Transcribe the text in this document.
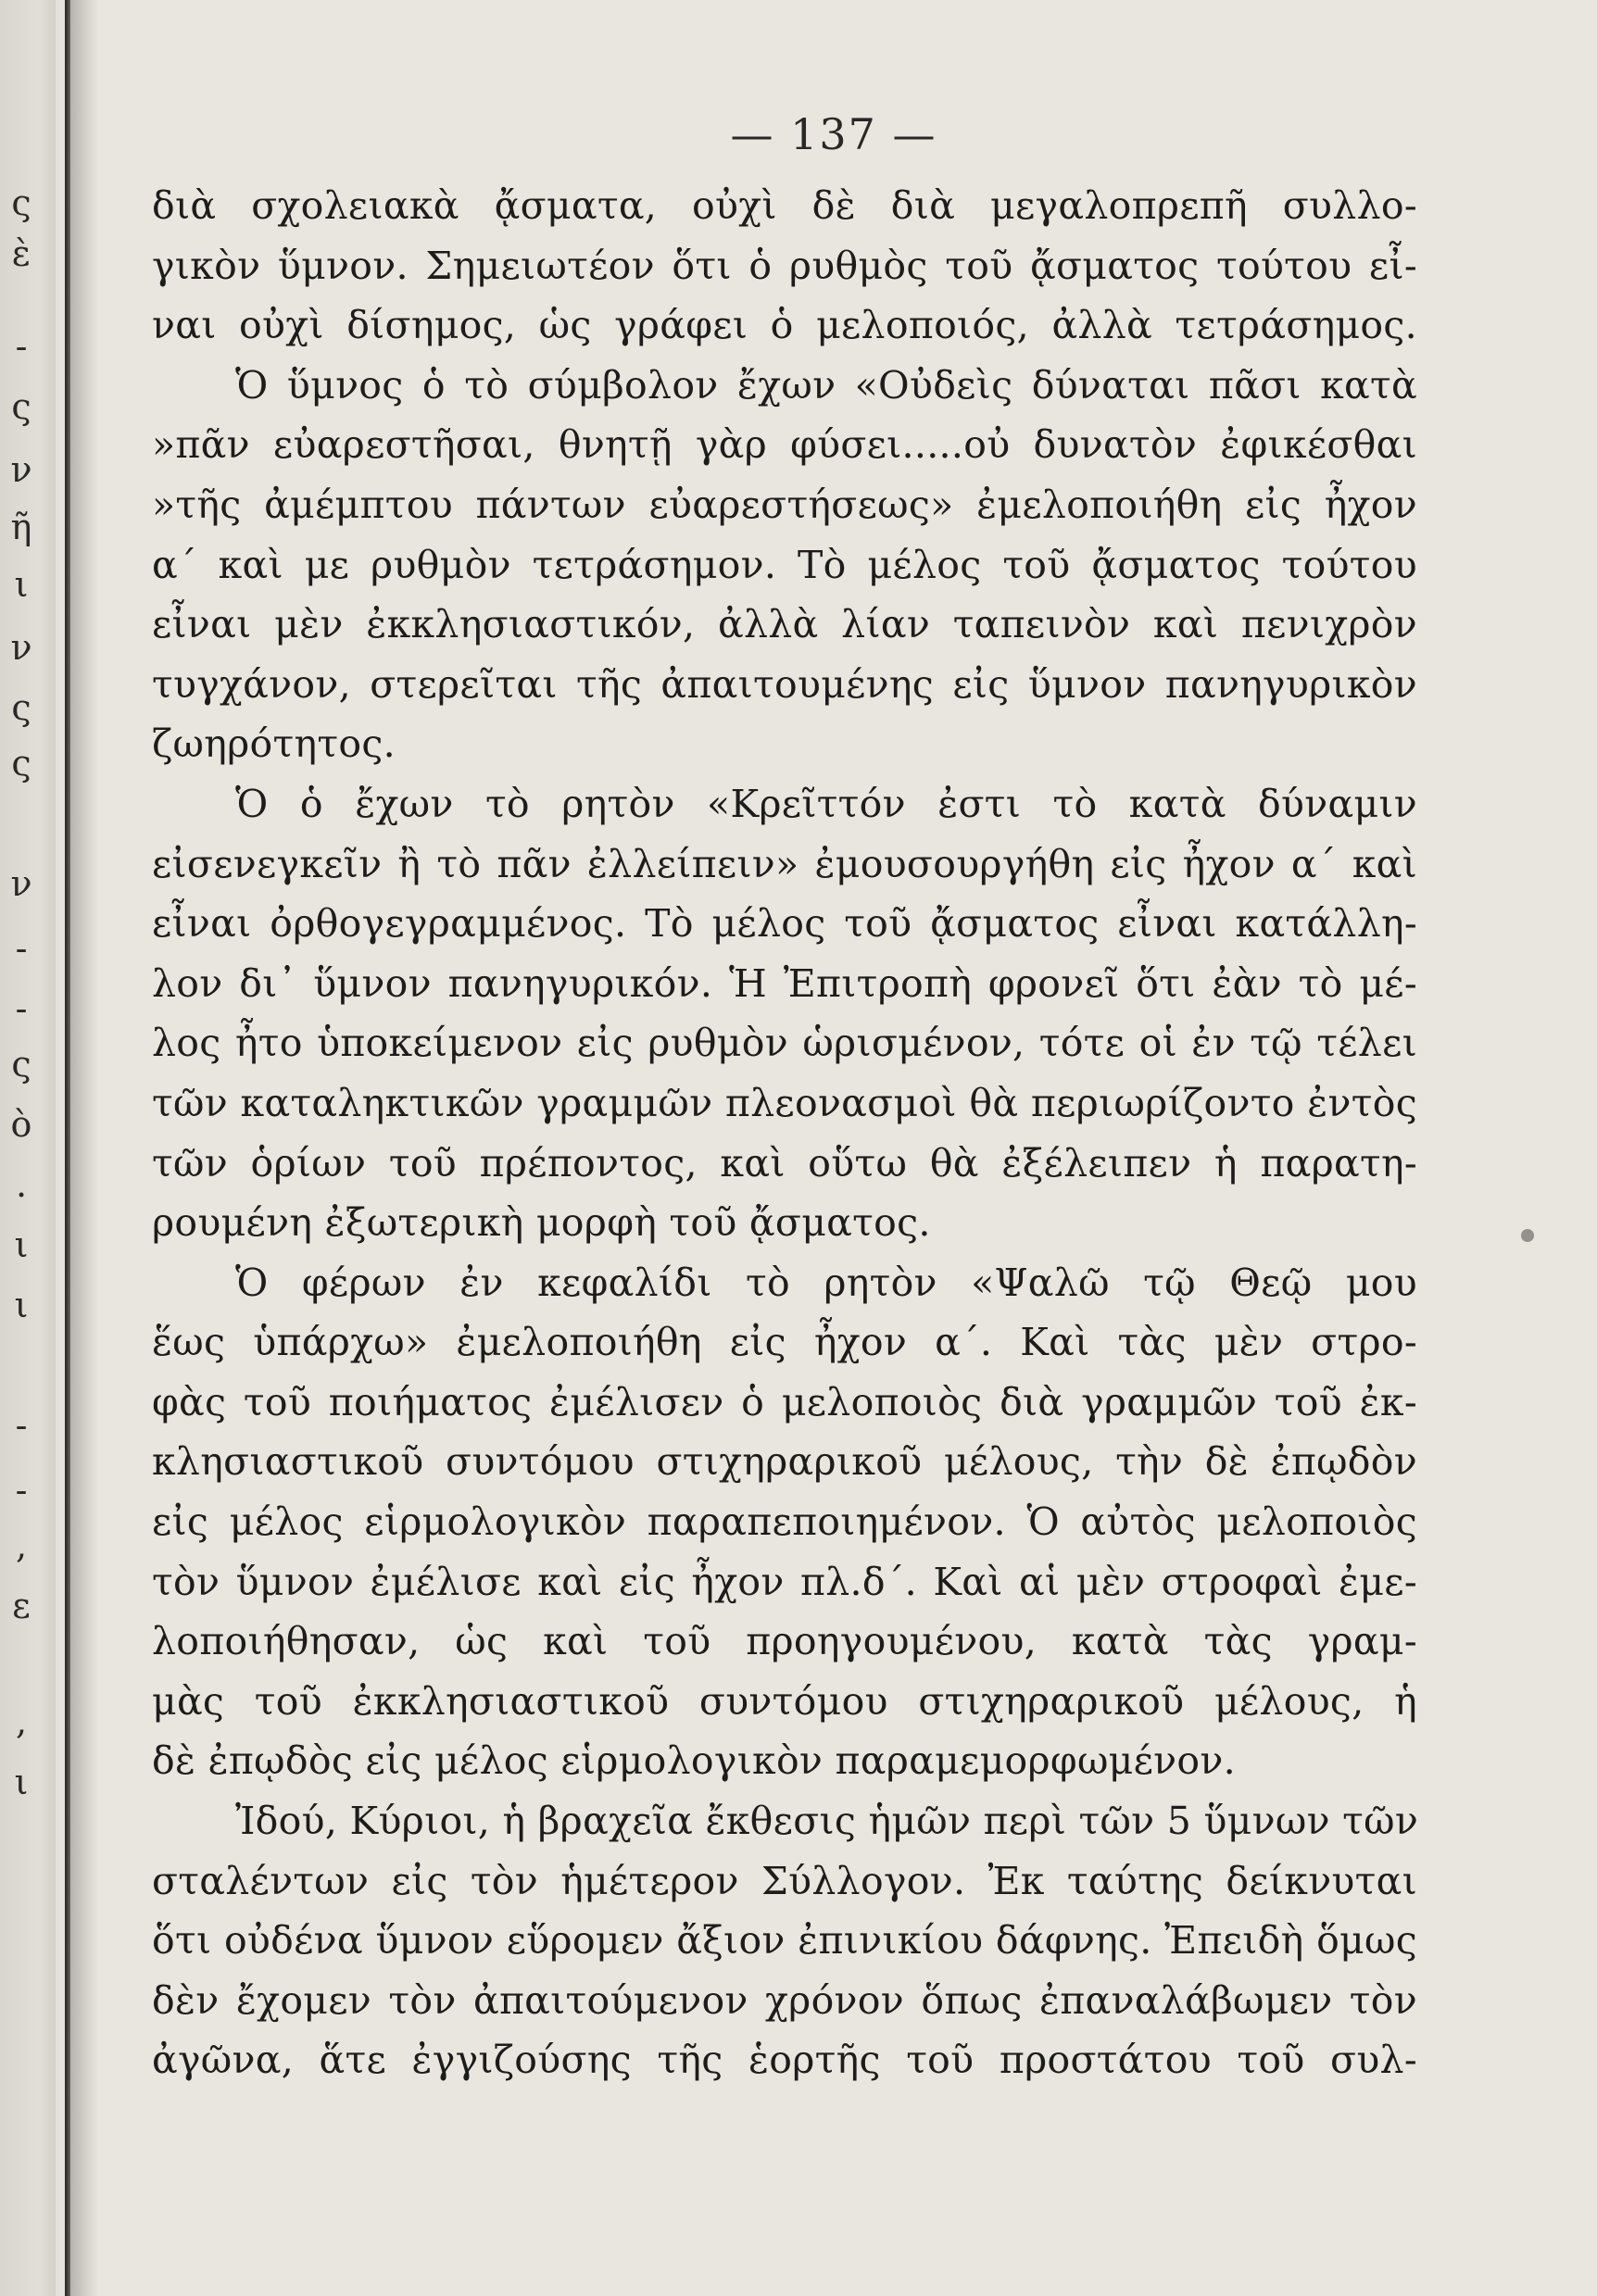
ς
ὲ
-
ς
ν
ῆ
ι
ν
ς
ς
ν
-
-
ς
ὸ
.
ι
ι
-
-
,
ε
,
ι
— 137 —
διὰ σχολειακὰ ᾄσματα, οὐχὶ δὲ διὰ μεγαλοπρεπῆ συλλο-
γικὸν ὕμνον. Σημειωτέον ὅτι ὁ ρυθμὸς τοῦ ᾄσματος τούτου εἶ-
ναι οὐχὶ δίσημος, ὡς γράφει ὁ μελοποιός, ἀλλὰ τετράσημος.
Ὁ ὕμνος ὁ τὸ σύμβολον ἔχων «Οὐδεὶς δύναται πᾶσι κατὰ
»πᾶν εὐαρεστῆσαι, θνητῇ γὰρ φύσει.....οὐ δυνατὸν ἐφικέσθαι
»τῆς ἀμέμπτου πάντων εὐαρεστήσεως» ἐμελοποιήθη εἰς ἦχον
α΄ καὶ με ρυθμὸν τετράσημον. Τὸ μέλος τοῦ ᾄσματος τούτου
εἶναι μὲν ἐκκλησιαστικόν, ἀλλὰ λίαν ταπεινὸν καὶ πενιχρὸν
τυγχάνον, στερεῖται τῆς ἀπαιτουμένης εἰς ὕμνον πανηγυρικὸν
ζωηρότητος.
Ὁ ὁ ἔχων τὸ ρητὸν «Κρεῖττόν ἐστι τὸ κατὰ δύναμιν
εἰσενεγκεῖν ἢ τὸ πᾶν ἐλλείπειν» ἐμουσουργήθη εἰς ἦχον α΄ καὶ
εἶναι ὀρθογεγραμμένος. Τὸ μέλος τοῦ ᾄσματος εἶναι κατάλλη-
λον δι᾽ ὕμνον πανηγυρικόν. Ἡ Ἐπιτροπὴ φρονεῖ ὅτι ἐὰν τὸ μέ-
λος ἦτο ὑποκείμενον εἰς ρυθμὸν ὡρισμένον, τότε οἱ ἐν τῷ τέλει
τῶν καταληκτικῶν γραμμῶν πλεονασμοὶ θὰ περιωρίζοντο ἐντὸς
τῶν ὁρίων τοῦ πρέποντος, καὶ οὕτω θὰ ἐξέλειπεν ἡ παρατη-
ρουμένη ἐξωτερικὴ μορφὴ τοῦ ᾄσματος.
Ὁ φέρων ἐν κεφαλίδι τὸ ρητὸν «Ψαλῶ τῷ Θεῷ μου
ἕως ὑπάρχω» ἐμελοποιήθη εἰς ἦχον α΄. Καὶ τὰς μὲν στρο-
φὰς τοῦ ποιήματος ἐμέλισεν ὁ μελοποιὸς διὰ γραμμῶν τοῦ ἐκ-
κλησιαστικοῦ συντόμου στιχηραρικοῦ μέλους, τὴν δὲ ἐπῳδὸν
εἰς μέλος εἱρμολογικὸν παραπεποιημένον. Ὁ αὐτὸς μελοποιὸς
τὸν ὕμνον ἐμέλισε καὶ εἰς ἦχον πλ.δ΄. Καὶ αἱ μὲν στροφαὶ ἐμε-
λοποιήθησαν, ὡς καὶ τοῦ προηγουμένου, κατὰ τὰς γραμ-
μὰς τοῦ ἐκκλησιαστικοῦ συντόμου στιχηραρικοῦ μέλους, ἡ
δὲ ἐπῳδὸς εἰς μέλος εἱρμολογικὸν παραμεμορφωμένον.
Ἰδού, Κύριοι, ἡ βραχεῖα ἔκθεσις ἡμῶν περὶ τῶν 5 ὕμνων τῶν
σταλέντων εἰς τὸν ἡμέτερον Σύλλογον. Ἐκ ταύτης δείκνυται
ὅτι οὐδένα ὕμνον εὕρομεν ἄξιον ἐπινικίου δάφνης. Ἐπειδὴ ὅμως
δὲν ἔχομεν τὸν ἀπαιτούμενον χρόνον ὅπως ἐπαναλάβωμεν τὸν
ἀγῶνα, ἅτε ἐγγιζούσης τῆς ἑορτῆς τοῦ προστάτου τοῦ συλ-
